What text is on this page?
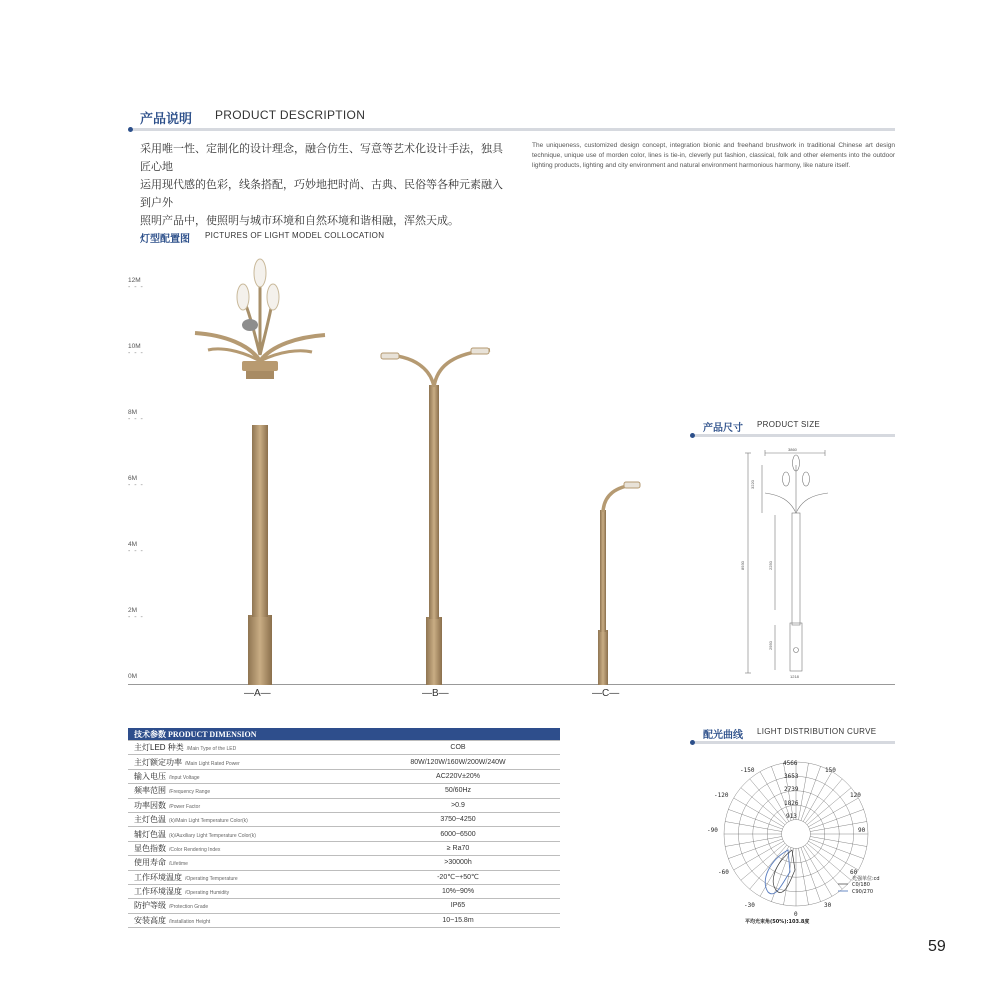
产品说明 PRODUCT DESCRIPTION
采用唯一性、定制化的设计理念，融合仿生、写意等艺术化设计手法，独具匠心地
运用现代感的色彩，线条搭配，巧妙地把时尚、古典、民俗等各种元素融入到户外
照明产品中，使照明与城市环境和自然环境和谐相融，浑然天成。
The uniqueness, customized design concept, integration bionic and freehand brushwork in traditional Chinese art design technique, unique use of morden color, lines is tie-in, cleverly put fashion, classical, folk and other elements into the outdoor lighting products, lighting and city environment and natural environment harmonious harmony, like nature itself.
灯型配置图 PICTURES OF LIGHT MODEL COLLOCATION
12M
- - -
10M
- - -
8M
- - -
6M
- - -
4M
- - -
2M
- - -
0M
—A—	—B—	—C—
产品尺寸 PRODUCT SIZE
3860
3220
8930	2250
2950
1218
技术参数 PRODUCT DIMENSION	
主灯LED 种类 /Main Type of the LED	COB
主灯额定功率 /Main Light Rated Power	80W/120W/160W/200W/240W
输入电压 /Input Voltage	AC220V±20%
频率范围 /Frequency Range	50/60Hz
功率因数 /Power Factor	>0.9
主灯色温 (k)/Main Light Temperature Color(k)	3750~4250
辅灯色温 (k)/Auxiliary Light Temperature Color(k)	6000~6500
显色指数 /Color Rendering Index	≥ Ra70
使用寿命 /Lifetime	>30000h
工作环境温度 /Operating Temperature	-20℃~+50℃
工作环境湿度 /Operating Humidity	10%~90%
防护等级 /Protection Grade	IP65
安装高度 /Installation Height	10~15.8m
配光曲线 LIGHT DISTRIBUTION CURVE
0
-150	150
-120	120
-90	90
-60	60
-30	30
4566
3653
2739
1826
913
光强单位:cd
C0/180
C90/270
平均光束角(50%):103.8度
59
